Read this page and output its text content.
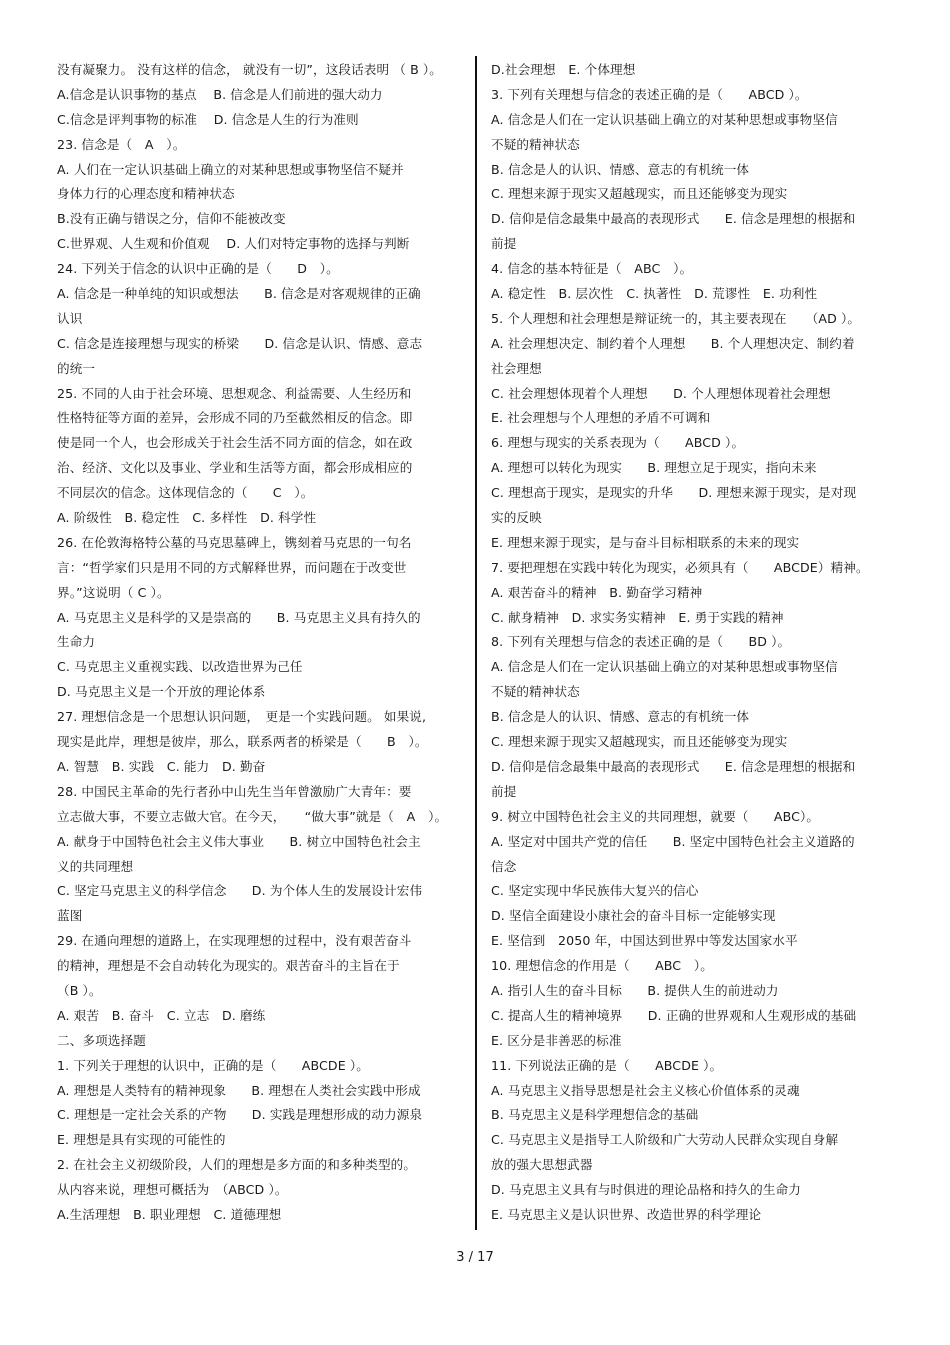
没有凝聚力。 没有这样的信念， 就没有一切”，这段话表明 （ B ）。
A.信念是认识事物的基点　 B. 信念是人们前进的强大动力
C.信念是评判事物的标准　 D. 信念是人生的行为准则
23. 信念是（　A　）。
A. 人们在一定认识基础上确立的对某种思想或事物坚信不疑并
身体力行的心理态度和精神状态
B.没有正确与错误之分，信仰不能被改变
C.世界观、人生观和价值观　 D. 人们对特定事物的选择与判断
24. 下列关于信念的认识中正确的是（　　D　）。
A. 信念是一种单纯的知识或想法　　B. 信念是对客观规律的正确
认识
C. 信念是连接理想与现实的桥梁　　D. 信念是认识、情感、意志
的统一
25. 不同的人由于社会环境、思想观念、利益需要、人生经历和
性格特征等方面的差异，会形成不同的乃至截然相反的信念。即
使是同一个人，也会形成关于社会生活不同方面的信念，如在政
治、经济、文化以及事业、学业和生活等方面，都会形成相应的
不同层次的信念。这体现信念的（　　C　）。
A. 阶级性　B. 稳定性　C. 多样性　D. 科学性
26. 在伦敦海格特公墓的马克思墓碑上，镌刻着马克思的一句名
言：“哲学家们只是用不同的方式解释世界，而问题在于改变世
界。”这说明（ C ）。
A. 马克思主义是科学的又是崇高的　　B. 马克思主义具有持久的
生命力
C. 马克思主义重视实践、以改造世界为己任
D. 马克思主义是一个开放的理论体系
27. 理想信念是一个思想认识问题，　更是一个实践问题。 如果说,
现实是此岸，理想是彼岸，那么，联系两者的桥梁是（　　B　）。
A. 智慧　B. 实践　C. 能力　D. 勤奋
28. 中国民主革命的先行者孙中山先生当年曾激励广大青年：要
立志做大事，不要立志做大官。在今天，　　“做大事”就是（　A　）。
A. 献身于中国特色社会主义伟大事业　　B. 树立中国特色社会主
义的共同理想
C. 坚定马克思主义的科学信念　　D. 为个体人生的发展设计宏伟
蓝图
29. 在通向理想的道路上，在实现理想的过程中，没有艰苦奋斗
的精神，理想是不会自动转化为现实的。艰苦奋斗的主旨在于
（B ）。
A. 艰苦　B. 奋斗　C. 立志　D. 磨练
二、多项选择题
1. 下列关于理想的认识中，正确的是（　　ABCDE ）。
A. 理想是人类特有的精神现象　　B. 理想在人类社会实践中形成
C. 理想是一定社会关系的产物　　D. 实践是理想形成的动力源泉
E. 理想是具有实现的可能性的
2. 在社会主义初级阶段，人们的理想是多方面的和多种类型的。
从内容来说，理想可概括为　（ABCD ）。
A.生活理想　B. 职业理想　C. 道德理想
D.社会理想　E. 个体理想
3. 下列有关理想与信念的表述正确的是（　　ABCD ）。
A. 信念是人们在一定认识基础上确立的对某种思想或事物坚信
不疑的精神状态
B. 信念是人的认识、情感、意志的有机统一体
C. 理想来源于现实又超越现实，而且还能够变为现实
D. 信仰是信念最集中最高的表现形式　　E. 信念是理想的根据和
前提
4. 信念的基本特征是（　ABC　）。
A. 稳定性　B. 层次性　C. 执著性　D. 荒谬性　E. 功利性
5. 个人理想和社会理想是辩证统一的，其主要表现在　　（AD ）。
A. 社会理想决定、制约着个人理想　　B. 个人理想决定、制约着
社会理想
C. 社会理想体现着个人理想　　D. 个人理想体现着社会理想
E. 社会理想与个人理想的矛盾不可调和
6. 理想与现实的关系表现为（　　ABCD ）。
A. 理想可以转化为现实　　B. 理想立足于现实，指向未来
C. 理想高于现实，是现实的升华　　D. 理想来源于现实，是对现
实的反映
E. 理想来源于现实，是与奋斗目标相联系的未来的现实
7. 要把理想在实践中转化为现实，必须具有（　　ABCDE）精神。
A. 艰苦奋斗的精神　B. 勤奋学习精神
C. 献身精神　D. 求实务实精神　E. 勇于实践的精神
8. 下列有关理想与信念的表述正确的是（　　BD ）。
A. 信念是人们在一定认识基础上确立的对某种思想或事物坚信
不疑的精神状态
B. 信念是人的认识、情感、意志的有机统一体
C. 理想来源于现实又超越现实，而且还能够变为现实
D. 信仰是信念最集中最高的表现形式　　E. 信念是理想的根据和
前提
9. 树立中国特色社会主义的共同理想，就要（　　ABC）。
A. 坚定对中国共产党的信任　　B. 坚定中国特色社会主义道路的
信念
C. 坚定实现中华民族伟大复兴的信心
D. 坚信全面建设小康社会的奋斗目标一定能够实现
E. 坚信到　2050 年，中国达到世界中等发达国家水平
10. 理想信念的作用是（　　ABC　）。
A. 指引人生的奋斗目标　　B. 提供人生的前进动力
C. 提高人生的精神境界　　D. 正确的世界观和人生观形成的基础
E. 区分是非善恶的标准
11. 下列说法正确的是（　　ABCDE ）。
A. 马克思主义指导思想是社会主义核心价值体系的灵魂
B. 马克思主义是科学理想信念的基础
C. 马克思主义是指导工人阶级和广大劳动人民群众实现自身解
放的强大思想武器
D. 马克思主义具有与时俱进的理论品格和持久的生命力
E. 马克思主义是认识世界、改造世界的科学理论
3 / 17
